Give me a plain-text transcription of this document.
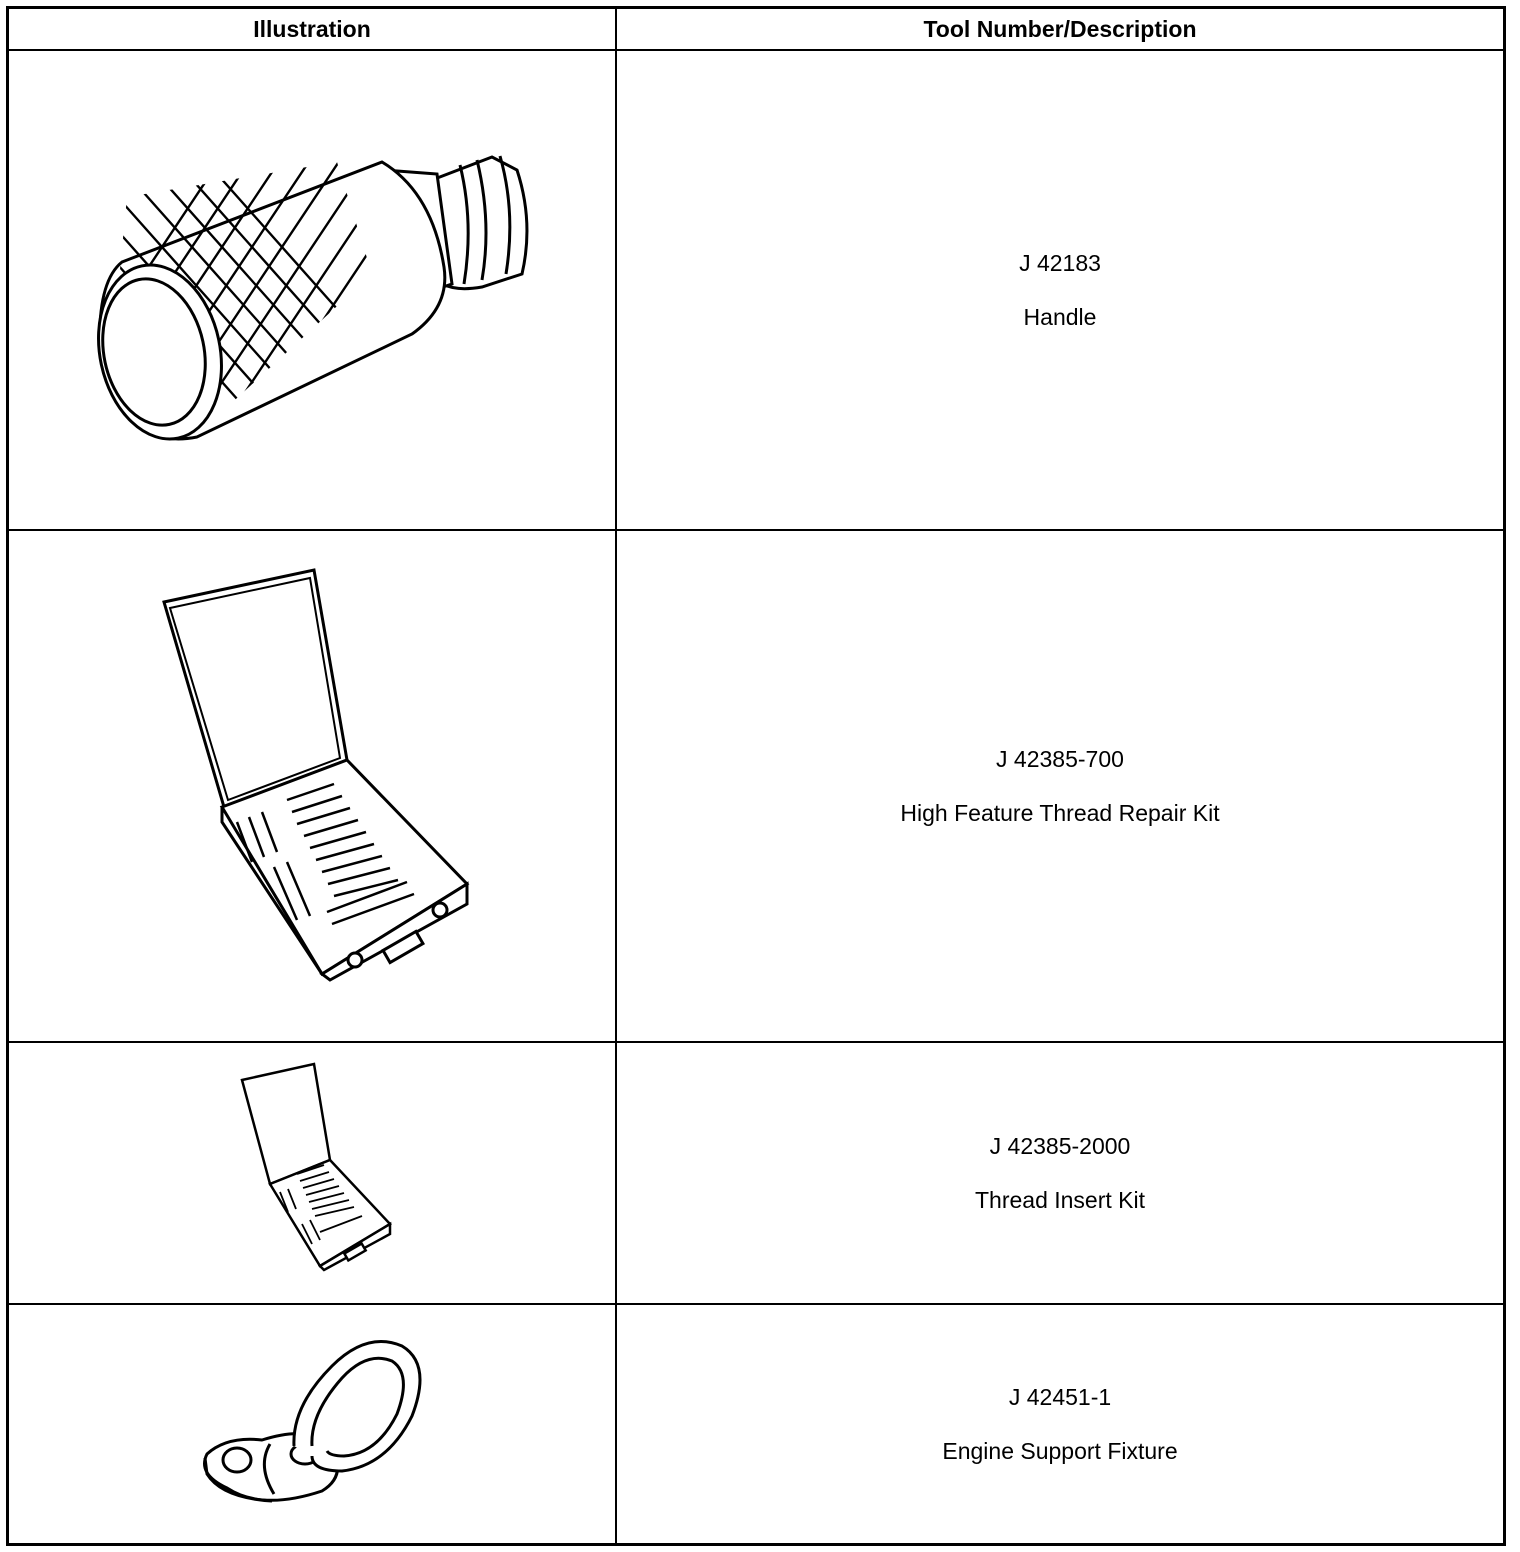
Illustration	Tool Number/Description
J 42183
Handle
J 42385-700
High Feature Thread Repair Kit
J 42385-2000
Thread Insert Kit
J 42451-1
Engine Support Fixture
